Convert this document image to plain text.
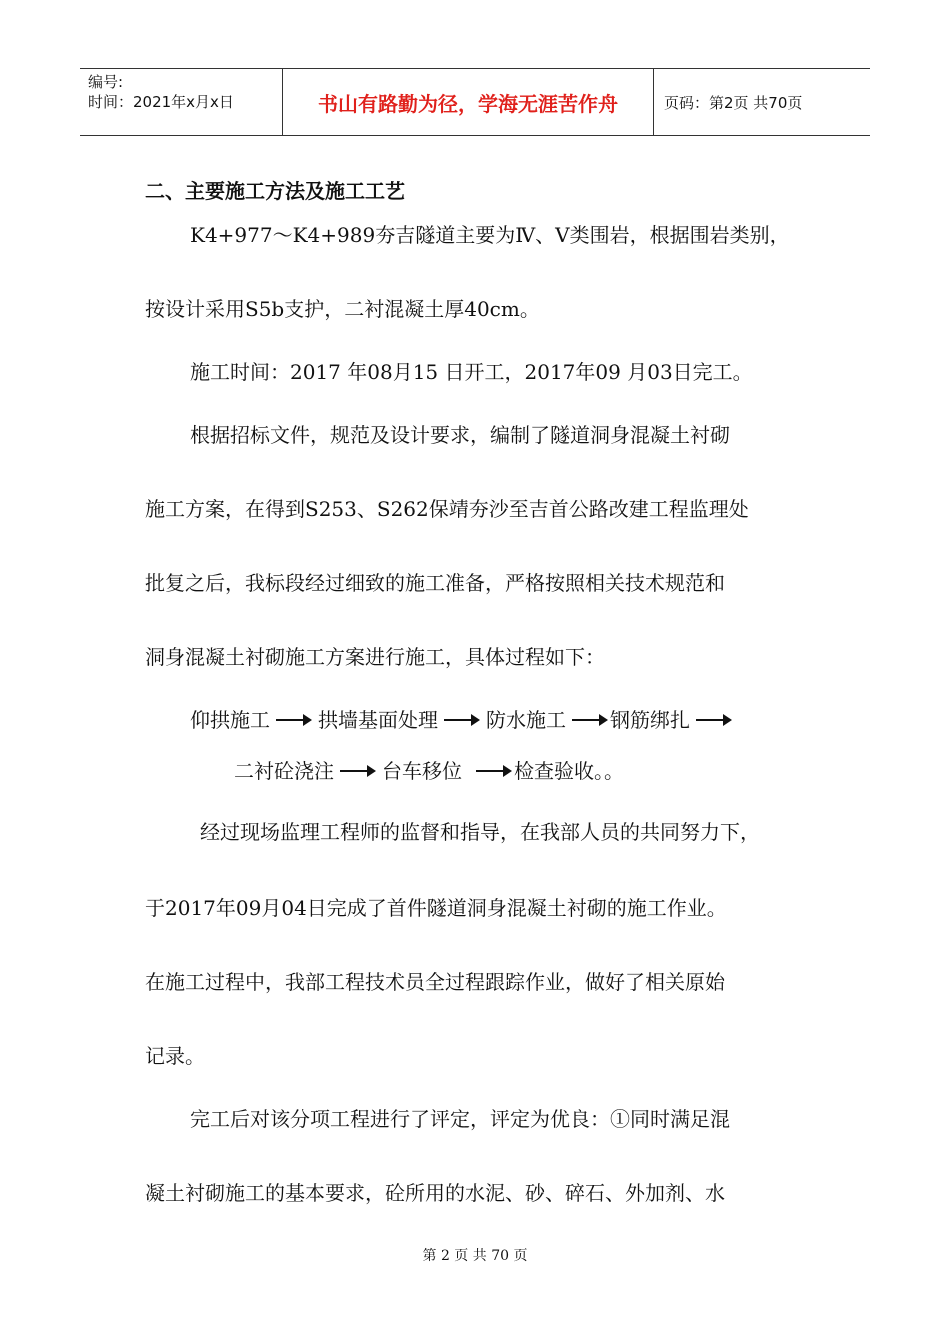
编号:
时间：2021年x月x日	书山有路勤为径，学海无涯苦作舟	页码：第2页 共70页
二、主要施工方法及施工工艺
K4+977～K4+989夯吉隧道主要为Ⅳ、Ⅴ类围岩，根据围岩类别，
按设计采用S5b支护，二衬混凝土厚40cm。
施工时间：2017 年08月15 日开工，2017年09 月03日完工。
根据招标文件，规范及设计要求，编制了隧道洞身混凝土衬砌
施工方案，在得到S253、S262保靖夯沙至吉首公路改建工程监理处
批复之后，我标段经过细致的施工准备，严格按照相关技术规范和
洞身混凝土衬砌施工方案进行施工，具体过程如下：
仰拱施工 拱墙基面处理 防水施工 钢筋绑扎
二衬砼浇注 台车移位	检查验收。。
经过现场监理工程师的监督和指导，在我部人员的共同努力下，
于2017年09月04日完成了首件隧道洞身混凝土衬砌的施工作业。
在施工过程中，我部工程技术员全过程跟踪作业，做好了相关原始
记录。
完工后对该分项工程进行了评定，评定为优良：①同时满足混
凝土衬砌施工的基本要求，砼所用的水泥、砂、碎石、外加剂、水
第 2 页 共 70 页
